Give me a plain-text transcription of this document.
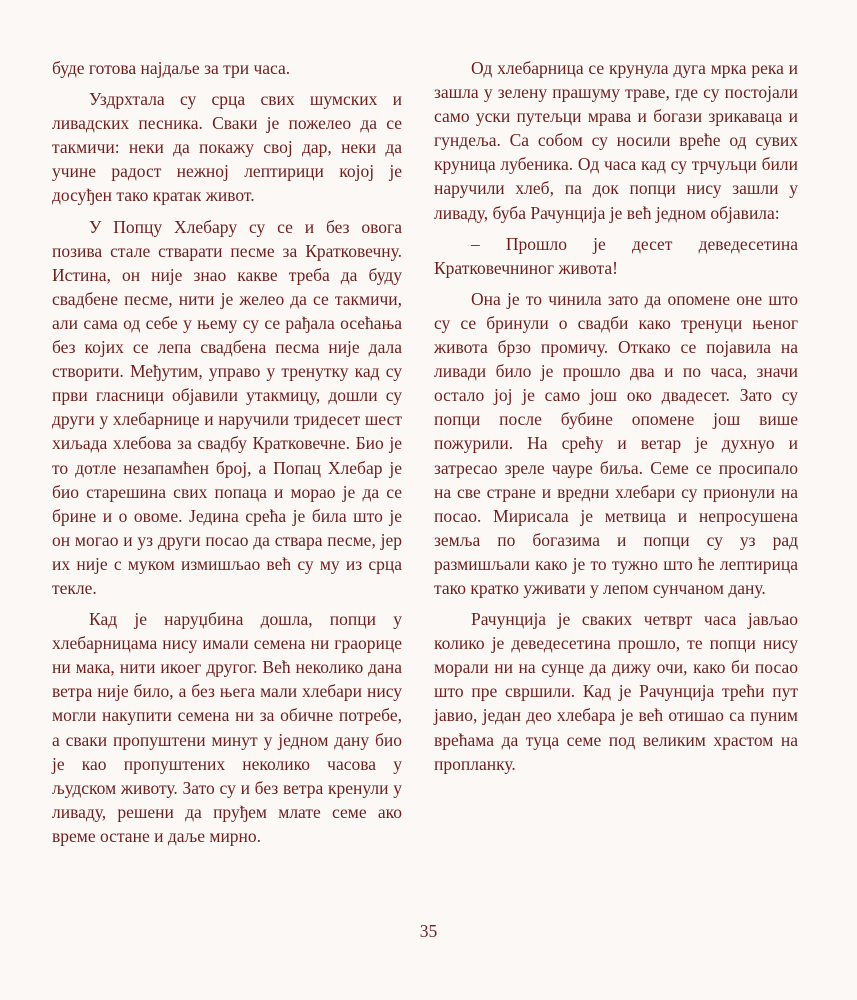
буде готова најдаље за три часа.

Уздрхтала су срца свих шумских и ливадских песника. Сваки је пожелео да се такмичи: неки да покажу свој дар, неки да учине радост нежној лептирици којој је досуђен тако кратак живот.

У Попцу Хлебару су се и без овога позива стале стварати песме за Кратковечну. Истина, он није знао какве треба да буду свадбене песме, нити је желео да се такмичи, али сама од себе у њему су се рађала осећања без којих се лепа свадбена песма није дала створити. Међутим, управо у тренутку кад су први гласници објавили утакмицу, дошли су други у хлебарнице и наручили тридесет шест хиљада хлебова за свадбу Кратковечне. Био је то дотле незапамћен број, а Попац Хлебар је био старешина свих попаца и морао је да се брине и о овоме. Једина срећа је била што је он могао и уз други посао да ствара песме, јер их није с муком измишљао већ су му из срца текле.

Кад је наруџбина дошла, попци у хлебарницама нису имали семена ни граорице ни мака, нити икоег другог. Већ неколико дана ветра није било, а без њега мали хлебари нису могли накупити семена ни за обичне потребе, а сваки пропуштени минут у једном дану био је као пропуштених неколико часова у људском животу. Зато су и без ветра кренули у ливаду, решени да пруђем млате семе ако време остане и даље мирно.

Од хлебарница се крунула дуга мрка река и зашла у зелену прашуму траве, где су постојали само уски путељци мрава и богази зрикаваца и гундеља. Са собом су носили вреће од сувих круница лубеника. Од часа кад су трчуљци били наручили хлеб, па док попци нису зашли у ливаду, буба Рачунција је већ једном објавила:

– Прошло је десет деведесетина Кратковечниног живота!

Она је то чинила зато да опомене оне што су се бринули о свадби како тренуци њеног живота брзо промичу. Откако се појавила на ливади било је прошло два и по часа, значи остало јој је само још око двадесет. Зато су попци после бубине опомене још више пожурили. На срећу и ветар је духнуо и затресао зреле чауре биља. Семе се просипало на све стране и вредни хлебари су прионули на посао. Мирисала је метвица и непросушена земља по богазима и попци су уз рад размишљали како је то тужно што ће лептирица тако кратко уживати у лепом сунчаном дану.

Рачунција је сваких четврт часа јављао колико је деведесетина прошло, те попци нису морали ни на сунце да дижу очи, како би посао што пре свршили. Кад је Рачунција трећи пут јавио, један део хлебара је већ отишао са пуним врећама да туца семе под великим храстом на пропланку.

35
